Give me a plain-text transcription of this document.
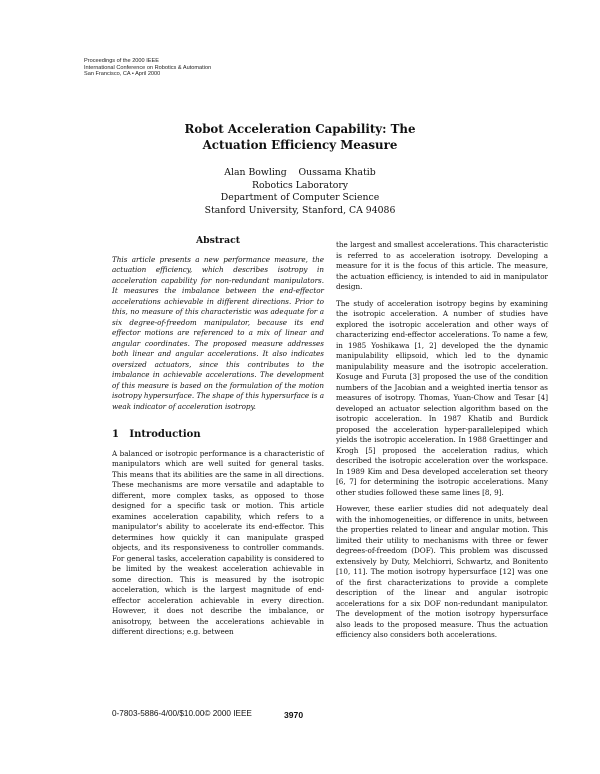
Proceedings of the 2000 IEEE
International Conference on Robotics & Automation
San Francisco, CA • April 2000
Robot Acceleration Capability: The
Actuation Efficiency Measure
Alan Bowling    Oussama Khatib
Robotics Laboratory
Department of Computer Science
Stanford University, Stanford, CA 94086
Abstract
This article presents a new performance measure, the actuation efficiency, which describes isotropy in acceleration capability for non-redundant manipulators. It measures the imbalance between the end-effector accelerations achievable in different directions. Prior to this, no measure of this characteristic was adequate for a six degree-of-freedom manipulator, because its end effector motions are referenced to a mix of linear and angular coordinates. The proposed measure addresses both linear and angular accelerations. It also indicates oversized actuators, since this contributes to the imbalance in achievable accelerations. The development of this measure is based on the formulation of the motion isotropy hypersurface. The shape of this hypersurface is a weak indicator of acceleration isotropy.
1   Introduction
A balanced or isotropic performance is a characteristic of manipulators which are well suited for general tasks. This means that its abilities are the same in all directions. These mechanisms are more versatile and adaptable to different, more complex tasks, as opposed to those designed for a specific task or motion. This article examines acceleration capability, which refers to a manipulator's ability to accelerate its end-effector. This determines how quickly it can manipulate grasped objects, and its responsiveness to controller commands. For general tasks, acceleration capability is considered to be limited by the weakest acceleration achievable in some direction. This is measured by the isotropic acceleration, which is the largest magnitude of end-effector acceleration achievable in every direction. However, it does not describe the imbalance, or anisotropy, between the accelerations achievable in different directions; e.g. between
the largest and smallest accelerations. This characteristic is referred to as acceleration isotropy. Developing a measure for it is the focus of this article. The measure, the actuation efficiency, is intended to aid in manipulator design.
The study of acceleration isotropy begins by examining the isotropic acceleration. A number of studies have explored the isotropic acceleration and other ways of characterizing end-effector accelerations. To name a few, in 1985 Yoshikawa [1, 2] developed the the dynamic manipulability ellipsoid, which led to the dynamic manipulability measure and the isotropic acceleration. Kosuge and Furuta [3] proposed the use of the condition numbers of the Jacobian and a weighted inertia tensor as measures of isotropy. Thomas, Yuan-Chow and Tesar [4] developed an actuator selection algorithm based on the isotropic acceleration. In 1987 Khatib and Burdick proposed the acceleration hyper-parallelepiped which yields the isotropic acceleration. In 1988 Graettinger and Krogh [5] proposed the acceleration radius, which described the isotropic acceleration over the workspace. In 1989 Kim and Desa developed acceleration set theory [6, 7] for determining the isotropic accelerations. Many other studies followed these same lines [8, 9].
However, these earlier studies did not adequately deal with the inhomogeneities, or difference in units, between the properties related to linear and angular motion. This limited their utility to mechanisms with three or fewer degrees-of-freedom (DOF). This problem was discussed extensively by Duty, Melchiorri, Schwartz, and Bonitento [10, 11]. The motion isotropy hypersurface [12] was one of the first characterizations to provide a complete description of the linear and angular isotropic accelerations for a six DOF non-redundant manipulator. The development of the motion isotropy hypersurface also leads to the proposed measure. Thus the actuation efficiency also considers both accelerations.
0-7803-5886-4/00/$10.00© 2000 IEEE	3970
